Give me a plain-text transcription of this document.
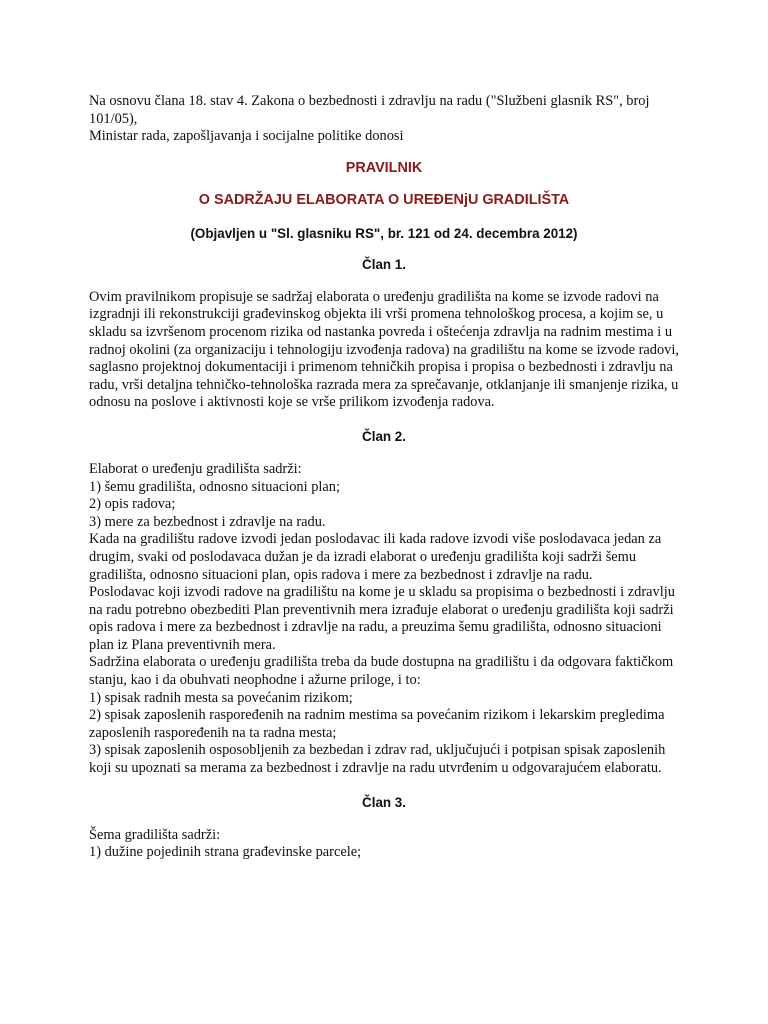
Na osnovu člana 18. stav 4. Zakona o bezbednosti i zdravlju na radu ("Službeni glasnik RS", broj 101/05),
Ministar rada, zapošljavanja i socijalne politike donosi

PRAVILNIK

O SADRŽAJU ELABORATA O UREĐENjU GRADILIŠTA

(Objavljen u "Sl. glasniku RS", br. 121 od 24. decembra 2012)

Član 1.

Ovim pravilnikom propisuje se sadržaj elaborata o uređenju gradilišta na kome se izvode radovi na izgradnji ili rekonstrukciji građevinskog objekta ili vrši promena tehnološkog procesa, a kojim se, u skladu sa izvršenom procenom rizika od nastanka povreda i oštećenja zdravlja na radnim mestima i u radnoj okolini (za organizaciju i tehnologiju izvođenja radova) na gradilištu na kome se izvode radovi, saglasno projektnoj dokumentaciji i primenom tehničkih propisa i propisa o bezbednosti i zdravlju na radu, vrši detaljna tehničko-tehnološka razrada mera za sprečavanje, otklanjanje ili smanjenje rizika, u odnosu na poslove i aktivnosti koje se vrše prilikom izvođenja radova.

Član 2.

Elaborat o uređenju gradilišta sadrži:
1) šemu gradilišta, odnosno situacioni plan;
2) opis radova;
3) mere za bezbednost i zdravlje na radu.
Kada na gradilištu radove izvodi jedan poslodavac ili kada radove izvodi više poslodavaca jedan za drugim, svaki od poslodavaca dužan je da izradi elaborat o uređenju gradilišta koji sadrži šemu gradilišta, odnosno situacioni plan, opis radova i mere za bezbednost i zdravlje na radu.
Poslodavac koji izvodi radove na gradilištu na kome je u skladu sa propisima o bezbednosti i zdravlju na radu potrebno obezbediti Plan preventivnih mera izrađuje elaborat o uređenju gradilišta koji sadrži opis radova i mere za bezbednost i zdravlje na radu, a preuzima šemu gradilišta, odnosno situacioni plan iz Plana preventivnih mera.
Sadržina elaborata o uređenju gradilišta treba da bude dostupna na gradilištu i da odgovara faktičkom stanju, kao i da obuhvati neophodne i ažurne priloge, i to:
1) spisak radnih mesta sa povećanim rizikom;
2) spisak zaposlenih raspoređenih na radnim mestima sa povećanim rizikom i lekarskim pregledima zaposlenih raspoređenih na ta radna mesta;
3) spisak zaposlenih osposobljenih za bezbedan i zdrav rad, uključujući i potpisan spisak zaposlenih koji su upoznati sa merama za bezbednost i zdravlje na radu utvrđenim u odgovarajućem elaboratu.

Član 3.

Šema gradilišta sadrži:
1) dužine pojedinih strana građevinske parcele;
